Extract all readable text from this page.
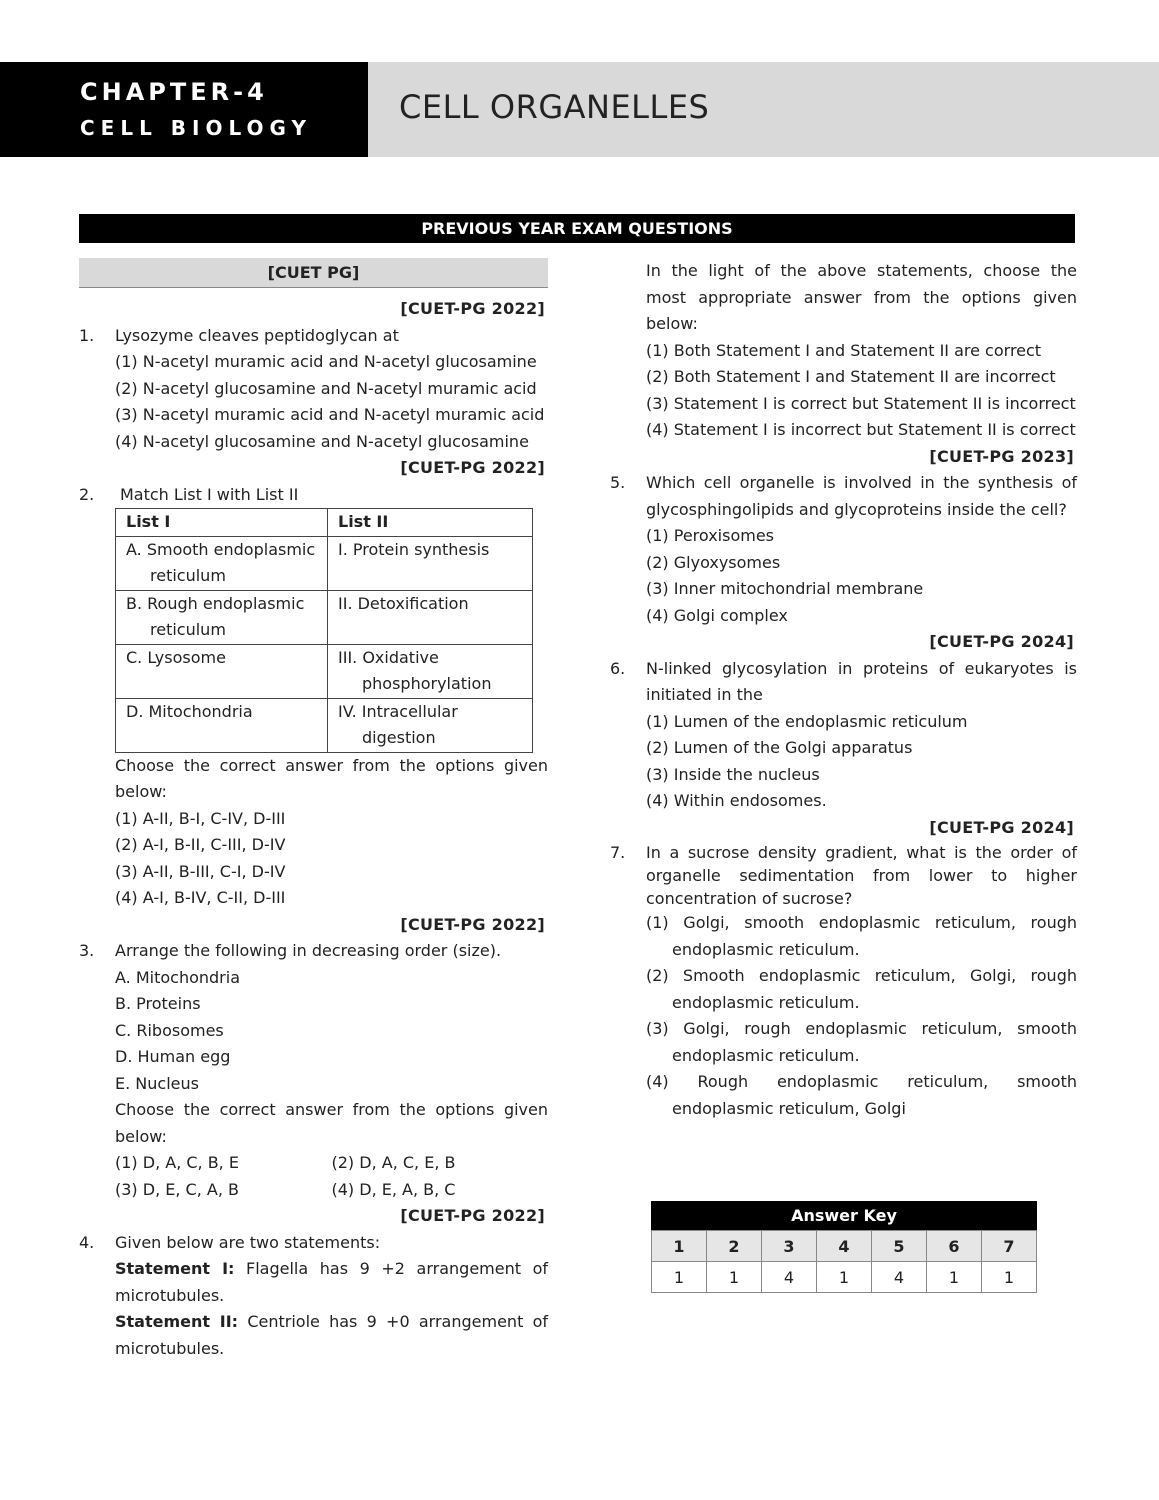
CHAPTER-4
CELL BIOLOGY
CELL ORGANELLES
PREVIOUS YEAR EXAM QUESTIONS
[CUET PG]
[CUET-PG 2022]
1.	Lysozyme cleaves peptidoglycan at
(1) N-acetyl muramic acid and N-acetyl glucosamine
(2) N-acetyl glucosamine and N-acetyl muramic acid
(3) N-acetyl muramic acid and N-acetyl muramic acid
(4) N-acetyl glucosamine and N-acetyl glucosamine
[CUET-PG 2022]
2.	Match List I with List II
List I	List II

A. Smooth endoplasmic reticulum	I. Protein synthesis

B. Rough endoplasmic reticulum	II. Detoxification

C. Lysosome	III. Oxidative phosphorylation

D. Mitochondria	IV. Intracellular digestion
Choose the correct answer from the options given below:
(1) A-II, B-I, C-IV, D-III
(2) A-I, B-II, C-III, D-IV
(3) A-II, B-III, C-I, D-IV
(4) A-I, B-IV, C-II, D-III
[CUET-PG 2022]
3.	Arrange the following in decreasing order (size).
A. Mitochondria
B. Proteins
C. Ribosomes
D. Human egg
E. Nucleus
Choose the correct answer from the options given below:
(1) D, A, C, B, E	(2) D, A, C, E, B
(3) D, E, C, A, B	(4) D, E, A, B, C
[CUET-PG 2022]
4.	Given below are two statements:
Statement I: Flagella has 9 +2 arrangement of microtubules.
Statement II: Centriole has 9 +0 arrangement of microtubules.
In the light of the above statements, choose the most appropriate answer from the options given below:
(1) Both Statement I and Statement II are correct
(2) Both Statement I and Statement II are incorrect
(3) Statement I is correct but Statement II is incorrect
(4) Statement I is incorrect but Statement II is correct
[CUET-PG 2023]
5.	Which cell organelle is involved in the synthesis of glycosphingolipids and glycoproteins inside the cell?
(1) Peroxisomes
(2) Glyoxysomes
(3) Inner mitochondrial membrane
(4) Golgi complex
[CUET-PG 2024]
6.	N-linked glycosylation in proteins of eukaryotes is initiated in the
(1) Lumen of the endoplasmic reticulum
(2) Lumen of the Golgi apparatus
(3) Inside the nucleus
(4) Within endosomes.
[CUET-PG 2024]
7.	In a sucrose density gradient, what is the order of organelle sedimentation from lower to higher concentration of sucrose?
(1) Golgi, smooth endoplasmic reticulum, rough endoplasmic reticulum.
(2) Smooth endoplasmic reticulum, Golgi, rough endoplasmic reticulum.
(3) Golgi, rough endoplasmic reticulum, smooth endoplasmic reticulum.
(4) Rough endoplasmic reticulum, smooth endoplasmic reticulum, Golgi
Answer Key
1	2	3	4	5	6	7
1	1	4	1	4	1	1
